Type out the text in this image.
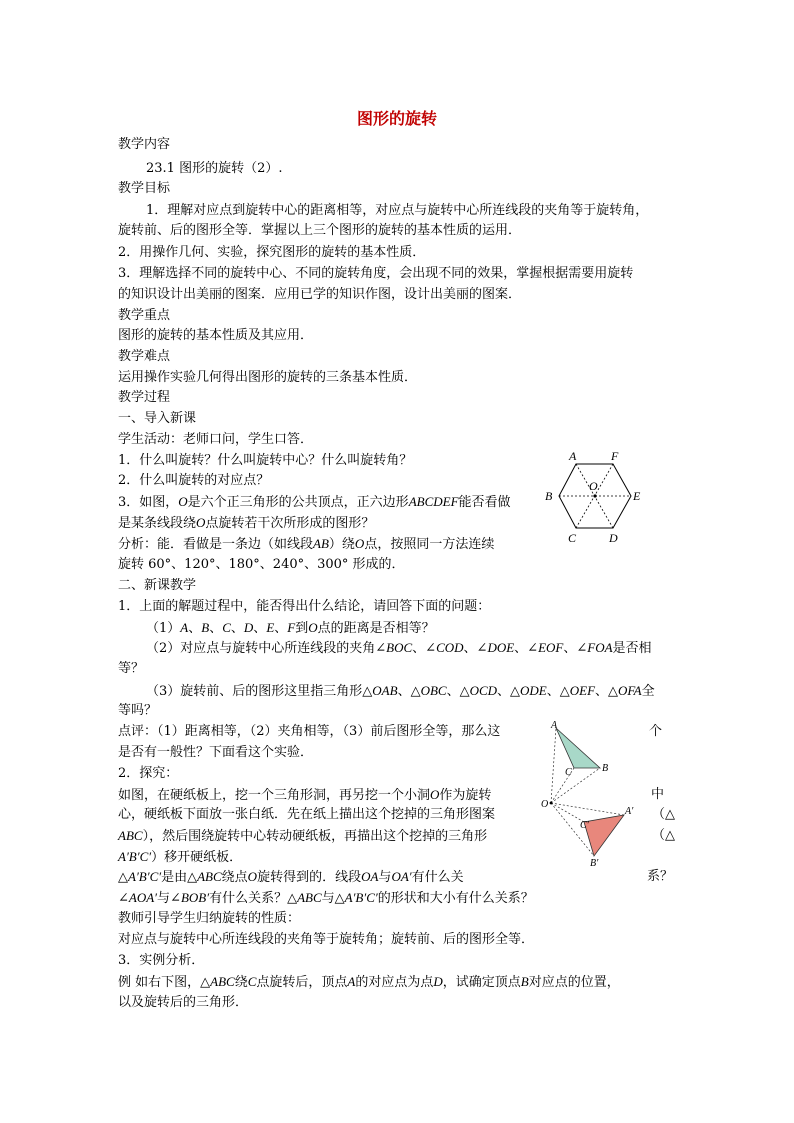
图形的旋转
教学内容
23.1 图形的旋转（2）.
教学目标
1．理解对应点到旋转中心的距离相等，对应点与旋转中心所连线段的夹角等于旋转角，
旋转前、后的图形全等．掌握以上三个图形的旋转的基本性质的运用．
2．用操作几何、实验，探究图形的旋转的基本性质．
3．理解选择不同的旋转中心、不同的旋转角度，会出现不同的效果，掌握根据需要用旋转
的知识设计出美丽的图案．应用已学的知识作图，设计出美丽的图案．
教学重点
图形的旋转的基本性质及其应用．
教学难点
运用操作实验几何得出图形的旋转的三条基本性质．
教学过程
一、导入新课
学生活动：老师口问，学生口答．
1．什么叫旋转？什么叫旋转中心？什么叫旋转角？
2．什么叫旋转的对应点？
3．如图，O是六个正三角形的公共顶点，正六边形ABCDEF能否看做
是某条线段绕O点旋转若干次所形成的图形？
分析：能．看做是一条边（如线段AB）绕O点，按照同一方法连续
旋转 60°、120°、180°、240°、300° 形成的．
二、新课教学
1．上面的解题过程中，能否得出什么结论，请回答下面的问题：
（1）A、B、C、D、E、F到O点的距离是否相等？
（2）对应点与旋转中心所连线段的夹角∠BOC、∠COD、∠DOE、∠EOF、∠FOA是否相
等？
（3）旋转前、后的图形这里指三角形△OAB、△OBC、△OCD、△ODE、△OEF、△OFA全
等吗？
点评：（1）距离相等，（2）夹角相等，（3）前后图形全等，那么这	个
是否有一般性？下面看这个实验．
2．探究：
如图，在硬纸板上，挖一个三角形洞，再另挖一个小洞O作为旋转	中
心，硬纸板下面放一张白纸．先在纸上描出这个挖掉的三角形图案	（△
ABC），然后围绕旋转中心转动硬纸板，再描出这个挖掉的三角形	（△
A′B′C′）移开硬纸板．
△A′B′C′是由△ABC绕点O旋转得到的．线段OA与OA′有什么关	系？
∠AOA′与∠BOB′有什么关系？△ABC与△A′B′C′的形状和大小有什么关系？
教师引导学生归纳旋转的性质：
对应点与旋转中心所连线段的夹角等于旋转角；旋转前、后的图形全等．
3．实例分析．
例 如右下图，△ABC绕C点旋转后，顶点A的对应点为点D，试确定顶点B对应点的位置，
以及旋转后的三角形．
A	F
B	E
C	D
O
A
B
C
O
A′
C′
B′
